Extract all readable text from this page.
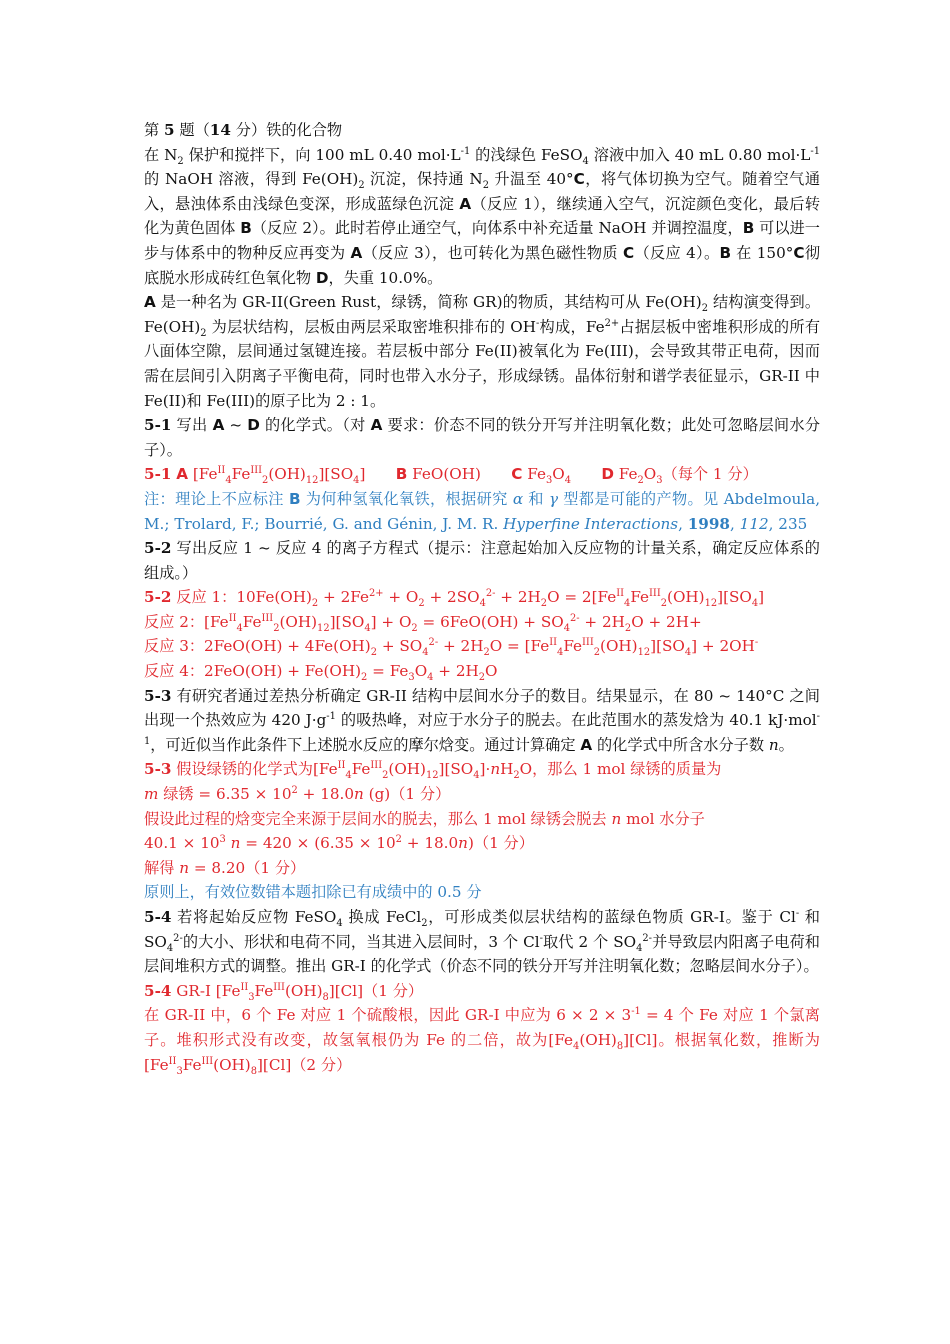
第 5 题（14 分）铁的化合物

在 $N_2$ 保护和搅拌下，向 100 mL 0.40 $mol\cdot L^{-1}$ 的浅绿色 FeSO$_4$ 溶液中加入 40 mL 0.80 $mol\cdot L^{-1}$ 的 NaOH 溶液，得到 $Fe(OH)_2$ 沉淀，保持通 $N_2$ 升温至 40°C，将气体切换为空气。随着空气通入，悬浊体系由浅绿色变深，形成蓝绿色沉淀 A（反应 1），继续通入空气，沉淀颜色变化，最后转化为黄色固体 B（反应 2）。此时若停止通空气，向体系中补充适量 NaOH 并调控温度，B 可以进一步与体系中的物种反应再变为 A（反应 3），也可转化为黑色磁性物质 C（反应 4）。B 在 150°C彻底脱水形成砖红色氧化物 D，失重 10.0%。

A 是一种名为 GR-II(Green Rust，绿锈，简称 GR)的物质，其结构可从 $Fe(OH)_2$ 结构演变得到。$Fe(OH)_2$ 为层状结构，层板由两层采取密堆积排布的 OH-构成，$Fe^{2+}$占据层板中密堆积形成的所有八面体空隙，层间通过氢键连接。若层板中部分 Fe(II)被氧化为 Fe(III)，会导致其带正电荷，因而需在层间引入阴离子平衡电荷，同时也带入水分子，形成绿锈。晶体衍射和谱学表征显示，GR-II 中 Fe(II)和 Fe(III)的原子比为 2 : 1。

5-1 写出 A ~ D 的化学式。（对 A 要求：价态不同的铁分开写并注明氧化数；此处可忽略层间水分子）。

5-1 A $[Fe^{II}_4Fe^{III}_2(OH)_{12}][SO_4]$　　B FeO(OH)　　C $Fe_3O_4$　　 D $Fe_2O_3$（每个 1 分）

注：理论上不应标注 B 为何种氢氧化氧铁，根据研究 α 和 γ 型都是可能的产物。见 Abdelmoula, M.; Trolard, F.; Bourrié, G. and Génin, J. M. R. Hyperfine Interactions, 1998, 112, 235

5-2 写出反应 1 ~ 反应 4 的离子方程式（提示：注意起始加入反应物的计量关系，确定反应体系的组成。）

5-2 反应 1：$10Fe(OH)_2 + 2Fe^{2+} + O_2 + 2SO_4^{2-} + 2H_2O = 2[Fe^{II}_4Fe^{III}_2(OH)_{12}][SO_4]$

反应 2：$[Fe^{II}_4Fe^{III}_2(OH)_{12}][SO_4] + O_2 = 6FeO(OH) + SO_4^{2-} + 2H_2O + 2H+$

反应 3：$2FeO(OH) + 4Fe(OH)_2 + SO_4^{2-} + 2H_2O = [Fe^{II}_4Fe^{III}_2(OH)_{12}][SO_4] + 2OH^-$

反应 4：$2FeO(OH) + Fe(OH)_2 = Fe_3O_4 + 2H_2O$

5-3 有研究者通过差热分析确定 GR-II 结构中层间水分子的数目。结果显示，在 80 ~ 140°C 之间出现一个热效应为 420 $J\cdot g^{-1}$ 的吸热峰，对应于水分子的脱去。在此范围水的蒸发焓为 40.1 kJ·mol$^{-1}$，可近似当作此条件下上述脱水反应的摩尔焓变。通过计算确定 A 的化学式中所含水分子数 n。

5-3 假设绿锈的化学式为$[Fe^{II}_4Fe^{III}_2(OH)_{12}][SO_4]\cdot nH_2O$，那么 1 mol 绿锈的质量为

m 绿锈 = $6.35 \times 10^2 + 18.0n$ (g)（1 分）

假设此过程的焓变完全来源于层间水的脱去，那么 1 mol 绿锈会脱去 n mol 水分子

$40.1 \times 10^3$ $n = 420 \times (6.35 \times 10^2 + 18.0n)(1$ 分）

解得 n = 8.20（1 分）

原则上，有效位数错本题扣除已有成绩中的 0.5 分

5-4 若将起始反应物 FeSO$_4$ 换成 FeCl$_2$，可形成类似层状结构的蓝绿色物质 GR-I。鉴于 Cl- 和 $SO_4^{2-}$的大小、形状和电荷不同，当其进入层间时，3 个 Cl-取代 2 个 $SO_4^{2-}$并导致层内阳离子电荷和层间堆积方式的调整。推出 GR-I 的化学式（价态不同的铁分开写并注明氧化数；忽略层间水分子）。

5-4 GR-I $[Fe^{II}_3Fe^{III}(OH)_8][Cl](1$ 分）

在 GR-II 中，6 个 Fe 对应 1 个硫酸根，因此 GR-I 中应为 $6 \times 2 \times 3^{-1} = 4$ 个 Fe 对应 1 个氯离子。堆积形式没有改变，故氢氧根仍为 Fe 的二倍，故为$[Fe_4(OH)_8][Cl]$。根据氧化数，推断为$[Fe^{II}_3Fe^{III}(OH)_8][Cl](2$ 分）
